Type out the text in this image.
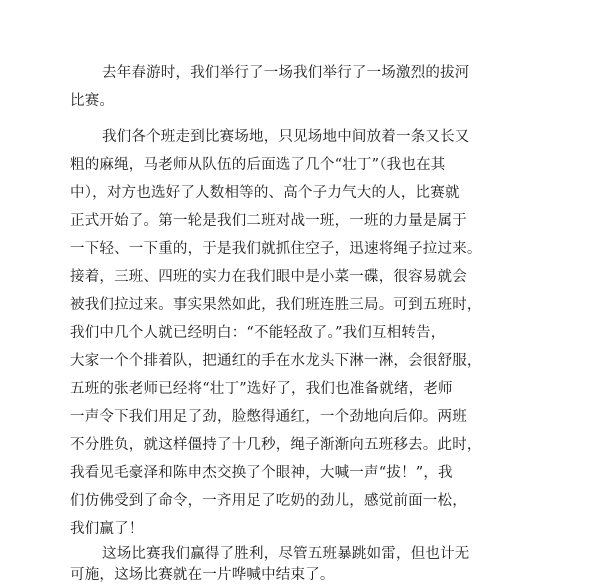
去年春游时，我们举行了一场我们举行了一场激烈的拔河
比赛。
我们各个班走到比赛场地，只见场地中间放着一条又长又
粗的麻绳，马老师从队伍的后面选了几个“壮丁”（我也在其
中），对方也选好了人数相等的、高个子力气大的人，比赛就
正式开始了。第一轮是我们二班对战一班，一班的力量是属于
一下轻、一下重的，于是我们就抓住空子，迅速将绳子拉过来。
接着，三班、四班的实力在我们眼中是小菜一碟，很容易就会
被我们拉过来。事实果然如此，我们班连胜三局。可到五班时，
我们中几个人就已经明白：“不能轻敌了。”我们互相转告，
大家一个个排着队，把通红的手在水龙头下淋一淋，会很舒服，
五班的张老师已经将“壮丁”选好了，我们也准备就绪，老师
一声令下我们用足了劲，脸憋得通红，一个劲地向后仰。两班
不分胜负，就这样僵持了十几秒，绳子渐渐向五班移去。此时，
我看见毛豪泽和陈申杰交换了个眼神，大喊一声“拔！”，我
们仿佛受到了命令，一齐用足了吃奶的劲儿，感觉前面一松，
我们赢了！
这场比赛我们赢得了胜利，尽管五班暴跳如雷，但也计无
可施，这场比赛就在一片哗喊中结束了。
